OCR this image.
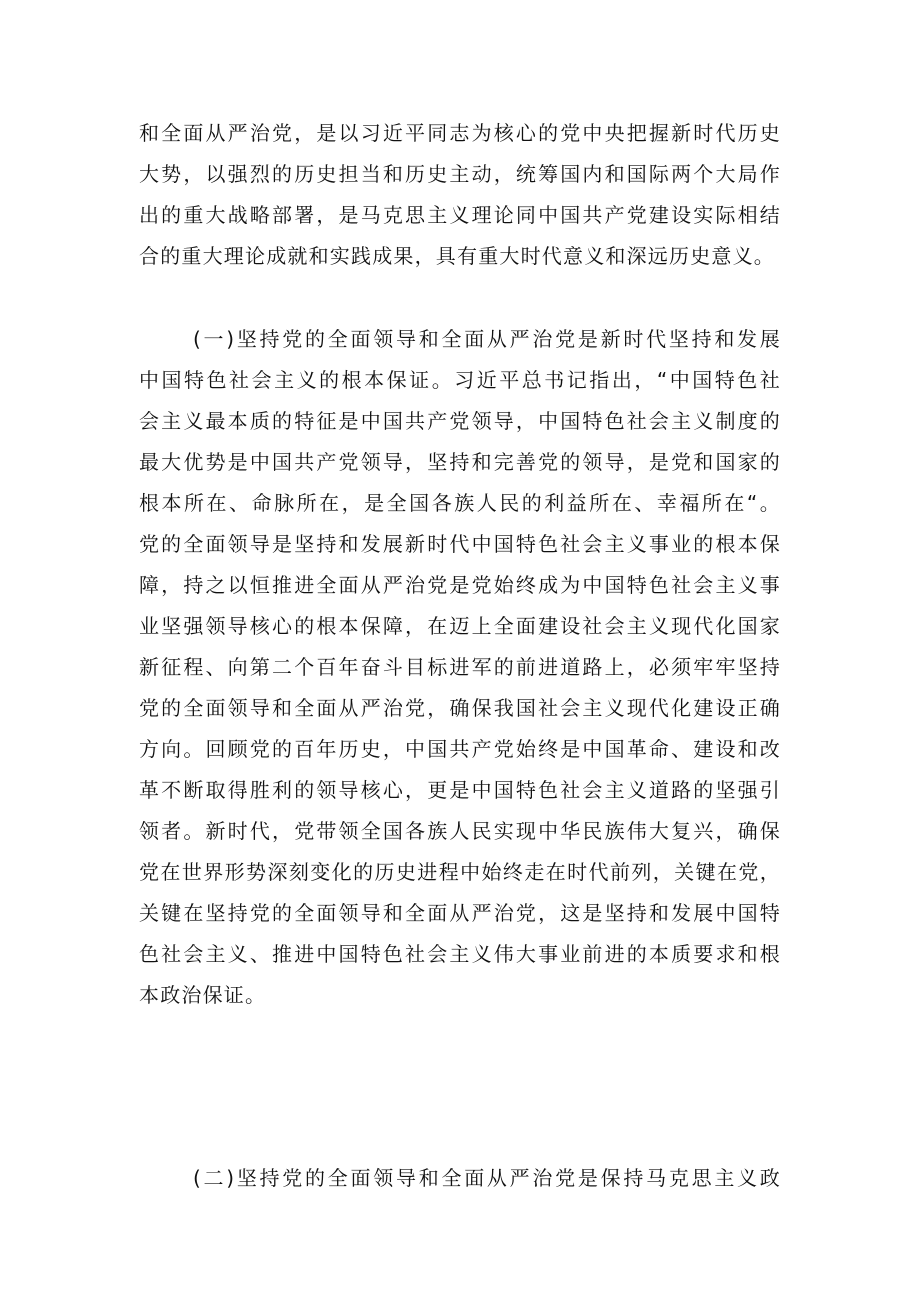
和全面从严治党，是以习近平同志为核心的党中央把握新时代历史
大势，以强烈的历史担当和历史主动，统筹国内和国际两个大局作
出的重大战略部署，是马克思主义理论同中国共产党建设实际相结
合的重大理论成就和实践成果，具有重大时代意义和深远历史意义。
(一)坚持党的全面领导和全面从严治党是新时代坚持和发展
中国特色社会主义的根本保证。习近平总书记指出，“中国特色社
会主义最本质的特征是中国共产党领导，中国特色社会主义制度的
最大优势是中国共产党领导，坚持和完善党的领导，是党和国家的
根本所在、命脉所在，是全国各族人民的利益所在、幸福所在“。
党的全面领导是坚持和发展新时代中国特色社会主义事业的根本保
障，持之以恒推进全面从严治党是党始终成为中国特色社会主义事
业坚强领导核心的根本保障，在迈上全面建设社会主义现代化国家
新征程、向第二个百年奋斗目标进军的前进道路上，必须牢牢坚持
党的全面领导和全面从严治党，确保我国社会主义现代化建设正确
方向。回顾党的百年历史，中国共产党始终是中国革命、建设和改
革不断取得胜利的领导核心，更是中国特色社会主义道路的坚强引
领者。新时代，党带领全国各族人民实现中华民族伟大复兴，确保
党在世界形势深刻变化的历史进程中始终走在时代前列，关键在党，
关键在坚持党的全面领导和全面从严治党，这是坚持和发展中国特
色社会主义、推进中国特色社会主义伟大事业前进的本质要求和根
本政治保证。
(二)坚持党的全面领导和全面从严治党是保持马克思主义政
